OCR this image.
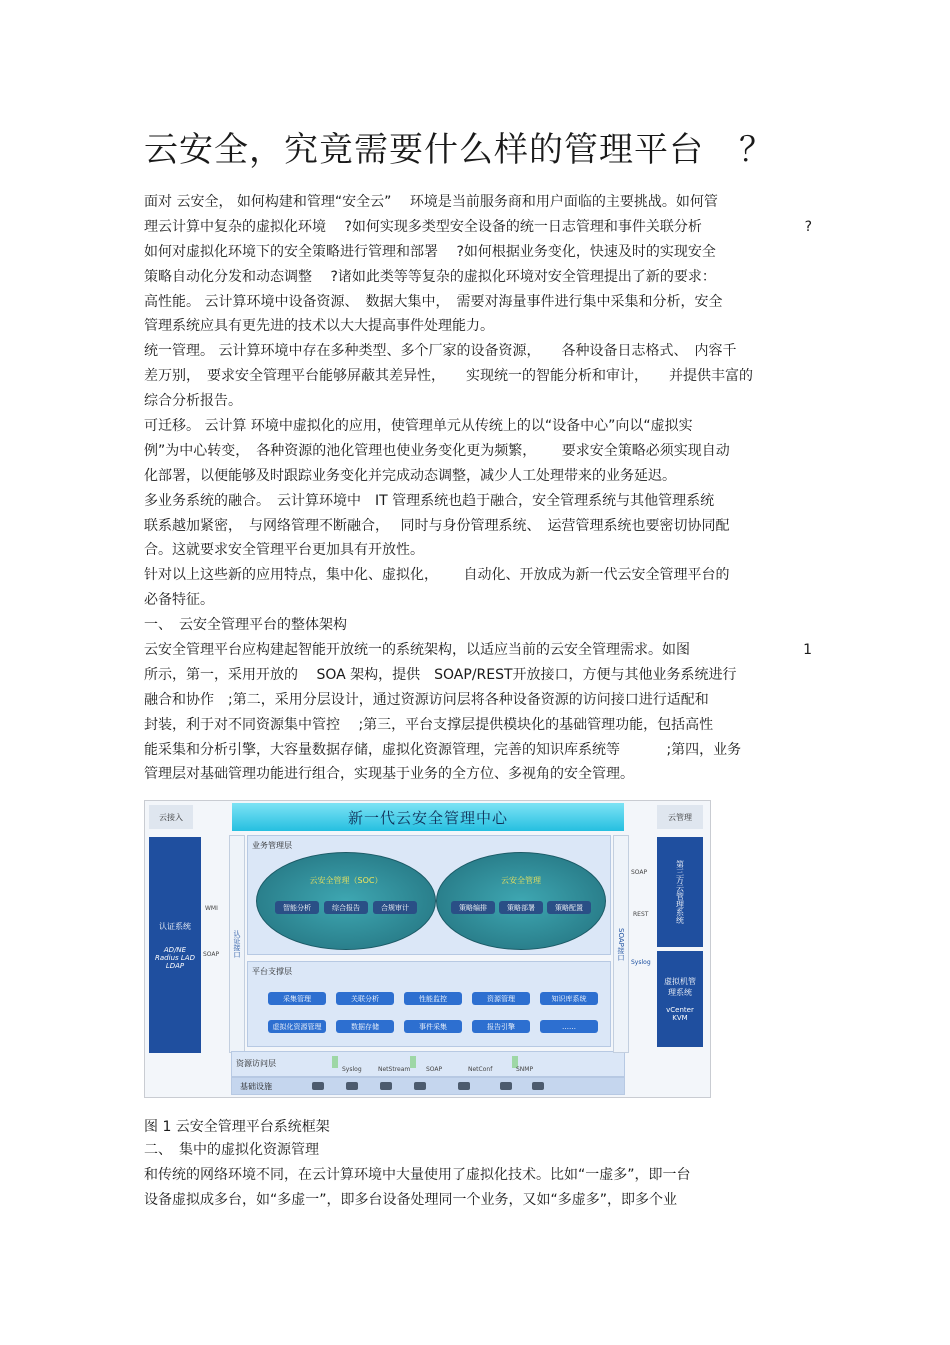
云安全，究竟需要什么样的管理平台　？
面对 云安全， 如何构建和管理“安全云”　 环境是当前服务商和用户面临的主要挑战。如何管
理云计算中复杂的虚拟化环境　 ?如何实现多类型安全设备的统一日志管理和事件关联分析	?
如何对虚拟化环境下的安全策略进行管理和部署　 ?如何根据业务变化，快速及时的实现安全
策略自动化分发和动态调整　 ?诸如此类等等复杂的虚拟化环境对安全管理提出了新的要求：
高性能。 云计算环境中设备资源、　数据大集中，　需要对海量事件进行集中采集和分析，安全
管理系统应具有更先进的技术以大大提高事件处理能力。
统一管理。 云计算环境中存在多种类型、多个厂家的设备资源，　　各种设备日志格式、　内容千
差万别，　要求安全管理平台能够屏蔽其差异性，　　实现统一的智能分析和审计，　　并提供丰富的
综合分析报告。
可迁移。 云计算 环境中虚拟化的应用，使管理单元从传统上的以“设备中心”向以“虚拟实
例”为中心转变，　各种资源的池化管理也使业务变化更为频繁，　　 要求安全策略必须实现自动
化部署，以便能够及时跟踪业务变化并完成动态调整，减少人工处理带来的业务延迟。
多业务系统的融合。　云计算环境中　IT 管理系统也趋于融合，安全管理系统与其他管理系统
联系越加紧密，　与网络管理不断融合，　 同时与身份管理系统、　运营管理系统也要密切协同配
合。这就要求安全管理平台更加具有开放性。
针对以上这些新的应用特点，集中化、虚拟化，　　 自动化、开放成为新一代云安全管理平台的
必备特征。
一、　云安全管理平台的整体架构
云安全管理平台应构建起智能开放统一的系统架构，以适应当前的云安全管理需求。如图	1
所示，第一，采用开放的　 SOA 架构，提供　SOAP/REST开放接口，方便与其他业务系统进行
融合和协作　;第二，采用分层设计，通过资源访问层将各种设备资源的访问接口进行适配和
封装，利于对不同资源集中管控　 ;第三，平台支撑层提供模块化的基础管理功能，包括高性
能采集和分析引擎，大容量数据存储，虚拟化资源管理，完善的知识库系统等　　　 ;第四，业务
管理层对基础管理功能进行组合，实现基于业务的全方位、多视角的安全管理。
云接入	云管理
新一代云安全管理中心
认证系统
AD/NE Radius LAD LDAP
WMI
SOAP	认证接口
业务管理层
云安全管理（SOC）
智能分析	综合报告	合规审计
云安全管理
策略编排	策略部署	策略配置
平台支撑层
采集管理	关联分析	性能监控	资源管理	知识库系统
虚拟化资源管理	数据存储	事件采集	报告引擎	……
资源访问层
Syslog	NetStream	SOAP	NetConf	SNMP
基础设施
SOAP接口
SOAP
REST
Syslog
第三方云管理系统
虚拟机管理系统
vCenter KVM
图 1 云安全管理平台系统框架
二、　集中的虚拟化资源管理
和传统的网络环境不同，在云计算环境中大量使用了虚拟化技术。比如“一虚多”，即一台
设备虚拟成多台，如“多虚一”，即多台设备处理同一个业务，又如“多虚多”，即多个业
